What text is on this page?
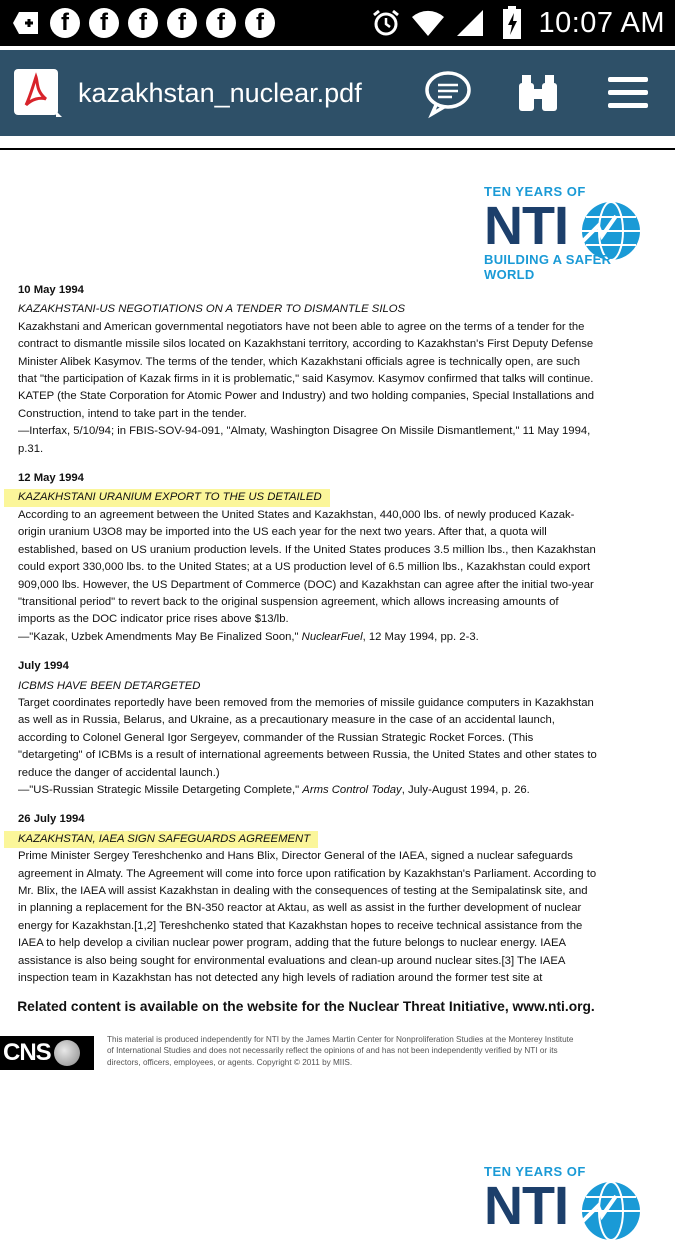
f	f	f	f	f	f	10:07 AM
kazakhstan_nuclear.pdf
TEN YEARS OF
NTI
BUILDING A SAFER WORLD
10 May 1994
KAZAKHSTANI-US NEGOTIATIONS ON A TENDER TO DISMANTLE SILOS
Kazakhstani and American governmental negotiators have not been able to agree on the terms of a tender for the contract to dismantle missile silos located on Kazakhstani territory, according to Kazakhstan's First Deputy Defense Minister Alibek Kasymov. The terms of the tender, which Kazakhstani officials agree is technically open, are such that "the participation of Kazak firms in it is problematic," said Kasymov. Kasymov confirmed that talks will continue. KATEP (the State Corporation for Atomic Power and Industry) and two holding companies, Special Installations and Construction, intend to take part in the tender.
—Interfax, 5/10/94; in FBIS-SOV-94-091, "Almaty, Washington Disagree On Missile Dismantlement," 11 May 1994, p.31.
12 May 1994
KAZAKHSTANI URANIUM EXPORT TO THE US DETAILED
According to an agreement between the United States and Kazakhstan, 440,000 lbs. of newly produced Kazak-origin uranium U3O8 may be imported into the US each year for the next two years. After that, a quota will established, based on US uranium production levels. If the United States produces 3.5 million lbs., then Kazakhstan could export 330,000 lbs. to the United States; at a US production level of 6.5 million lbs., Kazakhstan could export 909,000 lbs. However, the US Department of Commerce (DOC) and Kazakhstan can agree after the initial two-year "transitional period" to revert back to the original suspension agreement, which allows increasing amounts of imports as the DOC indicator price rises above $13/lb.
—"Kazak, Uzbek Amendments May Be Finalized Soon," NuclearFuel, 12 May 1994, pp. 2-3.
July 1994
ICBMS HAVE BEEN DETARGETED
Target coordinates reportedly have been removed from the memories of missile guidance computers in Kazakhstan as well as in Russia, Belarus, and Ukraine, as a precautionary measure in the case of an accidental launch, according to Colonel General Igor Sergeyev, commander of the Russian Strategic Rocket Forces. (This "detargeting" of ICBMs is a result of international agreements between Russia, the United States and other states to reduce the danger of accidental launch.)
—"US-Russian Strategic Missile Detargeting Complete," Arms Control Today, July-August 1994, p. 26.
26 July 1994
KAZAKHSTAN, IAEA SIGN SAFEGUARDS AGREEMENT
Prime Minister Sergey Tereshchenko and Hans Blix, Director General of the IAEA, signed a nuclear safeguards agreement in Almaty. The Agreement will come into force upon ratification by Kazakhstan's Parliament. According to Mr. Blix, the IAEA will assist Kazakhstan in dealing with the consequences of testing at the Semipalatinsk site, and in planning a replacement for the BN-350 reactor at Aktau, as well as assist in the further development of nuclear energy for Kazakhstan.[1,2] Tereshchenko stated that Kazakhstan hopes to receive technical assistance from the IAEA to help develop a civilian nuclear power program, adding that the future belongs to nuclear energy. IAEA assistance is also being sought for environmental evaluations and clean-up around nuclear sites.[3] The IAEA inspection team in Kazakhstan has not detected any high levels of radiation around the former test site at
Related content is available on the website for the Nuclear Threat Initiative, www.nti.org.
CNS	This material is produced independently for NTI by the James Martin Center for Nonproliferation Studies at the Monterey Institute of International Studies and does not necessarily reflect the opinions of and has not been independently verified by NTI or its directors, officers, employees, or agents. Copyright © 2011 by MIIS.
TEN YEARS OF
NTI
